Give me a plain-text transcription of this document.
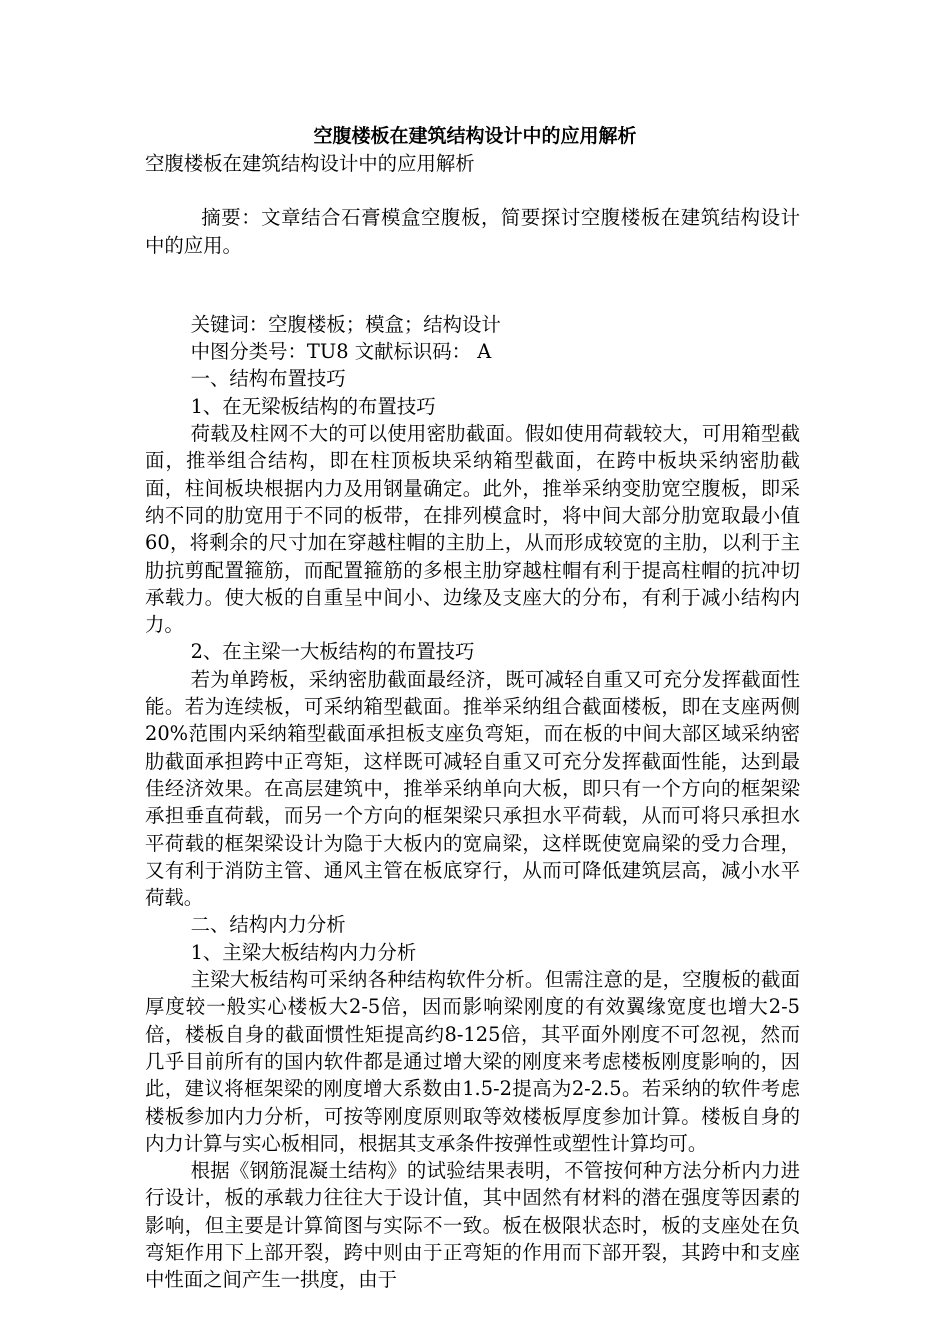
空腹楼板在建筑结构设计中的应用解析

空腹楼板在建筑结构设计中的应用解析

摘要：文章结合石膏模盒空腹板，简要探讨空腹楼板在建筑结构设计中的应用。

关键词：空腹楼板；模盒；结构设计

中图分类号：TU8 文献标识码： A

一、结构布置技巧

1、在无梁板结构的布置技巧

荷载及柱网不大的可以使用密肋截面。假如使用荷载较大，可用箱型截面，推举组合结构，即在柱顶板块采纳箱型截面，在跨中板块采纳密肋截面，柱间板块根据内力及用钢量确定。此外，推举采纳变肋宽空腹板，即采纳不同的肋宽用于不同的板带，在排列模盒时，将中间大部分肋宽取最小值60，将剩余的尺寸加在穿越柱帽的主肋上，从而形成较宽的主肋，以利于主肋抗剪配置箍筋，而配置箍筋的多根主肋穿越柱帽有利于提高柱帽的抗冲切承载力。使大板的自重呈中间小、边缘及支座大的分布，有利于减小结构内力。

2、在主梁一大板结构的布置技巧

若为单跨板，采纳密肋截面最经济，既可减轻自重又可充分发挥截面性能。若为连续板，可采纳箱型截面。推举采纳组合截面楼板，即在支座两侧20%范围内采纳箱型截面承担板支座负弯矩，而在板的中间大部区域采纳密肋截面承担跨中正弯矩，这样既可减轻自重又可充分发挥截面性能，达到最佳经济效果。在高层建筑中，推举采纳单向大板，即只有一个方向的框架梁承担垂直荷载，而另一个方向的框架梁只承担水平荷载，从而可将只承担水平荷载的框架梁设计为隐于大板内的宽扁梁，这样既使宽扁梁的受力合理，又有利于消防主管、通风主管在板底穿行，从而可降低建筑层高，减小水平荷载。

二、结构内力分析

1、主梁大板结构内力分析

主梁大板结构可采纳各种结构软件分析。但需注意的是，空腹板的截面厚度较一般实心楼板大2-5倍，因而影响梁刚度的有效翼缘宽度也增大2-5倍，楼板自身的截面惯性矩提高约8-125倍，其平面外刚度不可忽视，然而几乎目前所有的国内软件都是通过增大梁的刚度来考虑楼板刚度影响的，因此，建议将框架梁的刚度增大系数由1.5-2提高为2-2.5。若采纳的软件考虑楼板参加内力分析，可按等刚度原则取等效楼板厚度参加计算。楼板自身的内力计算与实心板相同，根据其支承条件按弹性或塑性计算均可。

根据《钢筋混凝土结构》的试验结果表明，不管按何种方法分析内力进行设计，板的承载力往往大于设计值，其中固然有材料的潜在强度等因素的影响，但主要是计算简图与实际不一致。板在极限状态时，板的支座处在负弯矩作用下上部开裂，跨中则由于正弯矩的作用而下部开裂，其跨中和支座中性面之间产生一拱度，由于
